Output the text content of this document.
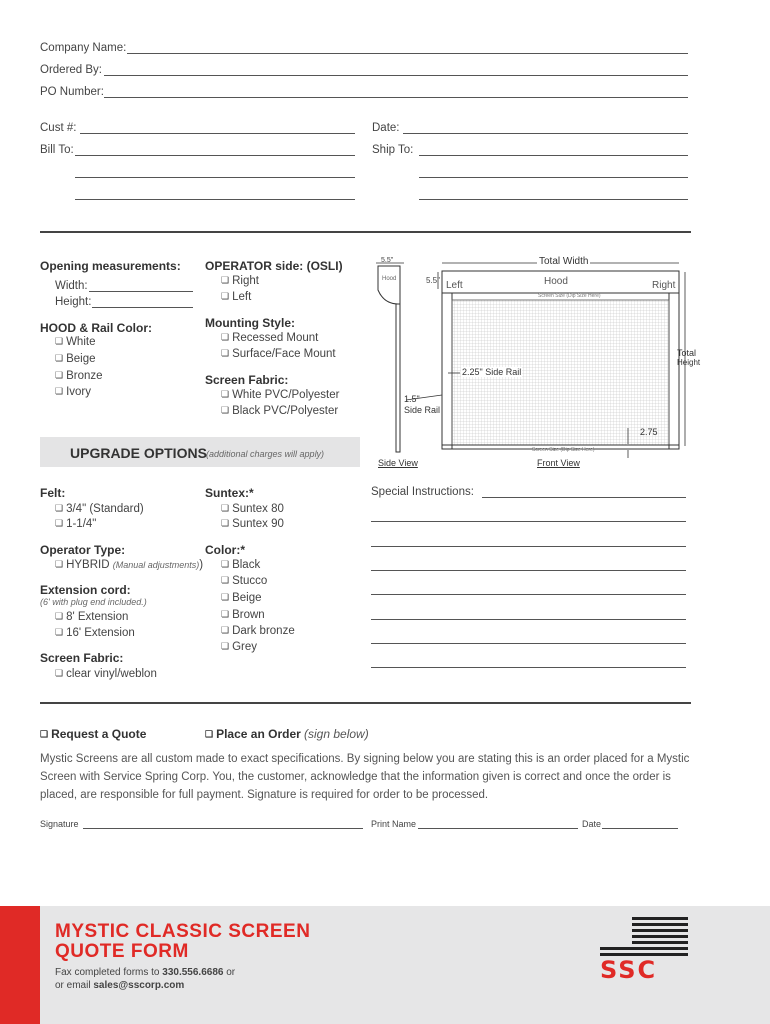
Company Name:
Ordered By:
PO Number:
Cust #:	Date:
Bill To:	Ship To:
Opening measurements:
Width:
Height:
HOOD & Rail Color:
❏ White
❏ Beige
❏ Bronze
❏ Ivory
OPERATOR side: (OSLI)
❏ Right
❏ Left
Mounting Style:
❏ Recessed Mount
❏ Surface/Face Mount
Screen Fabric:
❏ White PVC/Polyester
❏ Black PVC/Polyester
5.5"
Hood
Total Width
5.5" Left	Hood	Right
Screen Size (Dip Size Here)
Total
Height
2.25" Side Rail
1.5"
Side Rail
2.75
Screen Size (Dip Size Here)
Side View	Front View
UPGRADE OPTIONS (additional charges will apply)
Felt:
❏ 3/4" (Standard)
❏ 1-1/4"
Operator Type:
❏ HYBRID (Manual adjustments))
Extension cord:
(6' with plug end included.)
❏ 8' Extension
❏ 16' Extension
Screen Fabric:
❏ clear vinyl/weblon
Suntex:*
❏ Suntex 80
❏ Suntex 90
Color:*
❏ Black
❏ Stucco
❏ Beige
❏ Brown
❏ Dark bronze
❏ Grey
Special Instructions:
❏ Request a Quote	❏ Place an Order (sign below)
Mystic Screens are all custom made to exact specifications. By signing below you are stating this is an order placed for a Mystic Screen with Service Spring Corp. You, the customer, acknowledge that the information given is correct and once the order is placed, are responsible for full payment. Signature is required for order to be processed.
Signature	Print Name	Date
MYSTIC CLASSIC SCREEN
QUOTE FORM
Fax completed forms to 330.556.6686 or
or email sales@sscorp.com
SSC
